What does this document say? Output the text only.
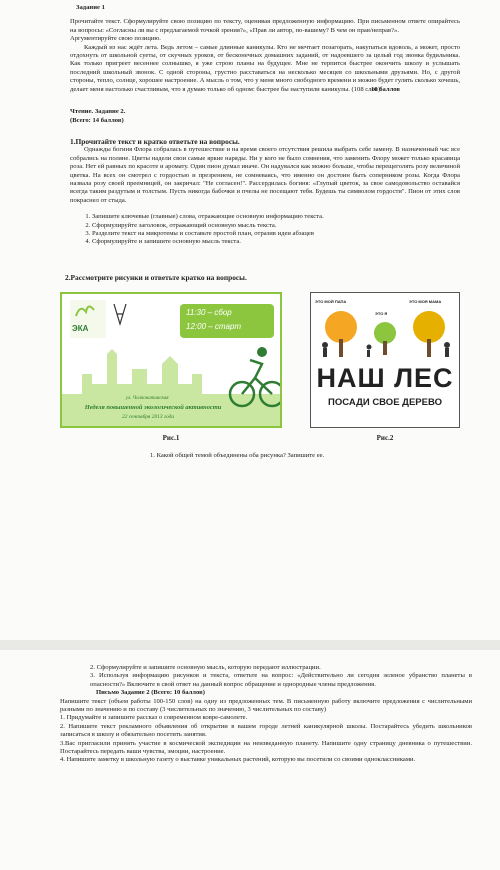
Задание 1

Прочитайте текст. Сформулируйте свою позицию по тексту, оценивая предложенную информацию. При письменном ответе опирайтесь на вопросы: «Согласны ли вы с предлагаемой точкой зрения?», «Прав ли автор, по-вашему? В чем он прав/неправ?».

Аргументируйте свою позицию.

Каждый из нас ждёт лета. Ведь летом – самые длинные каникулы. Кто не мечтает позагорать, накупаться вдоволь, а может, просто отдохнуть от школьной суеты, от скучных уроков, от бесконечных домашних заданий, от надоевшего за целый год звонка будильника. Как только пригреет весеннее солнышко, я уже строю планы на будущее. Мне не терпится быстрее окончить школу и услышать последний школьный звонок. С одной стороны, грустно расставаться на несколько месяцев со школьными друзьями. Но, с другой стороны, тепло, солнце, хорошее настроение. А мысль о том, что у меня много свободного времени и можно будет гулять сколько хочешь, делает меня настолько счастливым, что я думаю только об одном: быстрее бы наступили каникулы. (108 слов)

10 баллов

Чтение. Задание 2.

(Всего: 14 баллов)

1.Прочитайте текст и кратко ответьте на вопросы.

Однажды богиня Флора собралась в путешествие и на время своего отсутствия решила выбрать себе замену. В назначенный час все собрались на поляне. Цветы надели свои самые яркие наряды. Ни у кого не было сомнения, что заменить Флору может только красавица роза. Нет ей равных по красоте и аромату. Один пион думал иначе. Он надувался как можно больше, чтобы перещеголять розу величиной цветка. На всех он смотрел с гордостью и презрением, не сомневаясь, что именно он достоин быть соперником розы. Когда Флора назвала розу своей преемницей, он закричал: "Не согласен!". Рассердилась богиня: «Глупый цветок, за свое самодовольство оставайся всегда таким раздутым и толстым. Пусть никогда бабочки и пчелы не посещают тебя. Будешь ты символом гордости". Пион от этих слов покраснел от стыда.

1. Запишите ключевые (главные) слова, отражающие основную информацию текста.
2. Сформулируйте заголовок, отражающий основную мысль текста.
3. Разделите текст на микротемы и составьте простой план, отразив идеи абзацев
4. Сформулируйте и запишите основную мысль текста.
2.Рассмотрите рисунки и ответьте кратко на вопросы.
ЭКА
11:30 – сбор
12:00 – старт
ул. Чолпонатинская
Неделя повышенной экологической активности
22 сентября 2013 года
Рис.1
ЭТО МОЙ ПАПА
ЭТО Я
ЭТО МОЯ МАМА
НАШ ЛЕС
ПОСАДИ СВОЕ ДЕРЕВО
Рис.2

1. Какой общей темой объединены оба рисунка? Запишите ее.

2. Сформулируйте и запишите основную мысль, которую передают иллюстрации.

3. Используя информацию рисунков и текста, ответьте на вопрос: «Действительно ли сегодня зеленое убранство планеты в опасности?» Включите в свой ответ на данный вопрос обращение и однородные члены предложения.

Письмо Задание 2 (Всего: 10 баллов)

Напишите текст (объем работы 100-150 слов) на одну из предложенных тем. В письменную работу включите предложения с числительными разными по значению и по составу (3 числительных по значению, 3 числительных по составу)

1. Придумайте и запишите рассказ о современном ковре-самолете.

2. Напишите текст рекламного объявления об открытии в вашем городе летней каникулярной школы. Постарайтесь убедить школьников записаться в школу и обязательно посетить занятия.

3.Вас пригласили принять участие в космической экспедиции на неизведанную планету. Напишите одну страницу дневника о путешествии. Постарайтесь передать ваши чувства, эмоции, настроение.

4. Напишите заметку в школьную газету о выставке уникальных растений, которую вы посетили со своими одноклассниками.
